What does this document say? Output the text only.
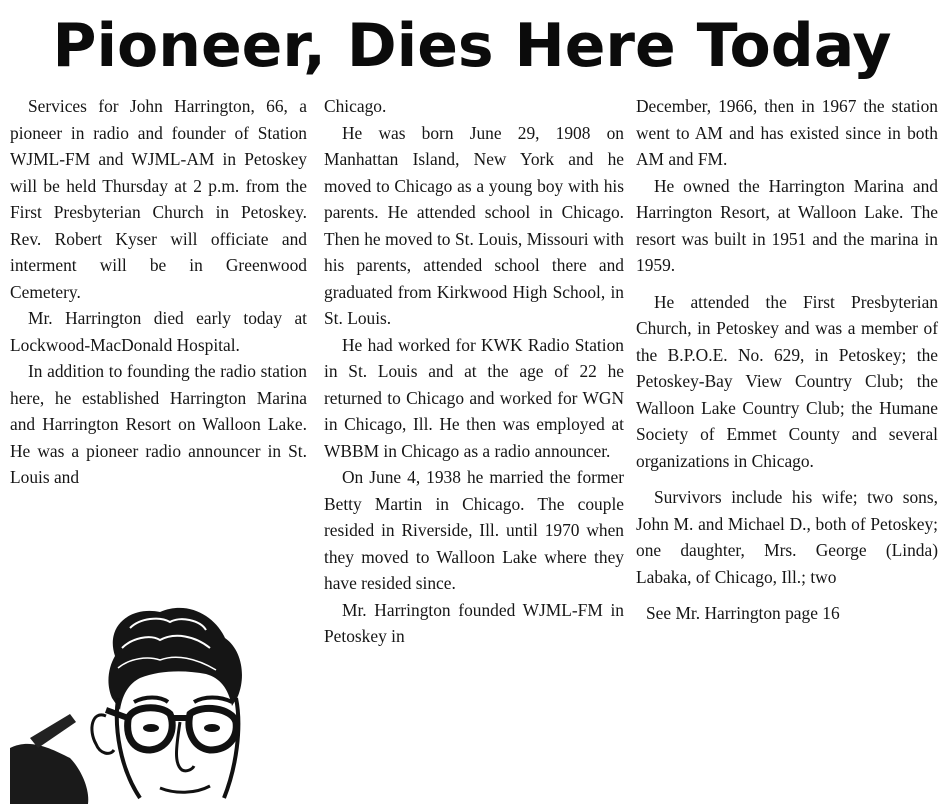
Pioneer, Dies Here Today

Services for John Harrington, 66, a pioneer in radio and founder of Station WJML-FM and WJML-AM in Petoskey will be held Thursday at 2 p.m. from the First Presbyterian Church in Petoskey. Rev. Robert Kyser will officiate and interment will be in Greenwood Cemetery.

Mr. Harrington died early today at Lockwood-MacDonald Hospital.

In addition to founding the radio station here, he established Harrington Marina and Harrington Resort on Walloon Lake. He was a pioneer radio announcer in St. Louis and

Chicago.

He was born June 29, 1908 on Manhattan Island, New York and he moved to Chicago as a young boy with his parents. He attended school in Chicago. Then he moved to St. Louis, Missouri with his parents, attended school there and graduated from Kirkwood High School, in St. Louis.

He had worked for KWK Radio Station in St. Louis and at the age of 22 he returned to Chicago and worked for WGN in Chicago, Ill. He then was employed at WBBM in Chicago as a radio announcer.

On June 4, 1938 he married the former Betty Martin in Chicago. The couple resided in Riverside, Ill. until 1970 when they moved to Walloon Lake where they have resided since.

Mr. Harrington founded WJML-FM in Petoskey in

December, 1966, then in 1967 the station went to AM and has existed since in both AM and FM.

He owned the Harrington Marina and Harrington Resort, at Walloon Lake. The resort was built in 1951 and the marina in 1959.

He attended the First Presbyterian Church, in Petoskey and was a member of the B.P.O.E. No. 629, in Petoskey; the Petoskey-Bay View Country Club; the Walloon Lake Country Club; the Humane Society of Emmet County and several organizations in Chicago.

Survivors include his wife; two sons, John M. and Michael D., both of Petoskey; one daughter, Mrs. George (Linda) Labaka, of Chicago, Ill.; two

See Mr. Harrington page 16
